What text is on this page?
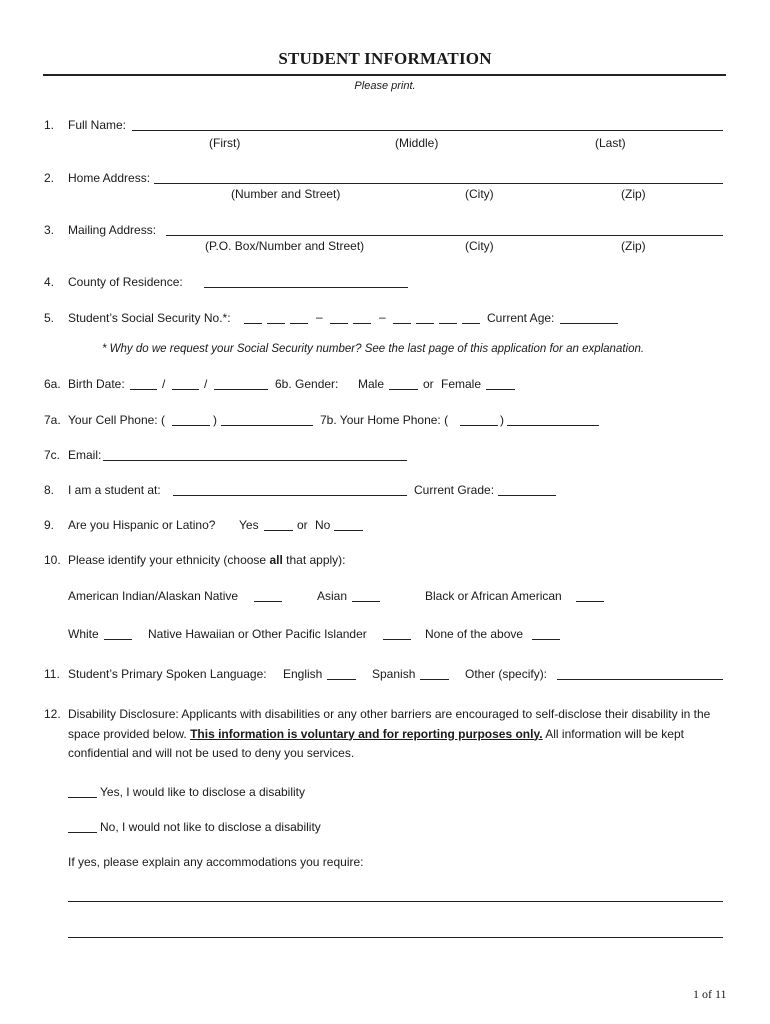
STUDENT INFORMATION
Please print.
1. Full Name:
(First)	(Middle)	(Last)
2. Home Address:
(Number and Street)	(City)	(Zip)
3. Mailing Address:
(P.O. Box/Number and Street)	(City)	(Zip)
4. County of Residence:
5. Student’s Social Security No.*:	–	–	Current Age:
* Why do we request your Social Security number? See the last page of this application for an explanation.
6a. Birth Date:	/	/	6b. Gender: Male	or Female
7a. Your Cell Phone: (	)	7b. Your Home Phone: (	)
7c. Email:
8. I am a student at:	Current Grade:
9. Are you Hispanic or Latino? Yes	or No
10. Please identify your ethnicity (choose all that apply):
American Indian/Alaskan Native	Asian	Black or African American
White	Native Hawaiian or Other Pacific Islander	None of the above
11. Student’s Primary Spoken Language: English	Spanish	Other (specify):
12. Disability Disclosure: Applicants with disabilities or any other barriers are encouraged to self-disclose their disability in the space provided below. This information is voluntary and for reporting purposes only. All information will be kept confidential and will not be used to deny you services.
Yes, I would like to disclose a disability
No, I would not like to disclose a disability
If yes, please explain any accommodations you require:
1 of 11
